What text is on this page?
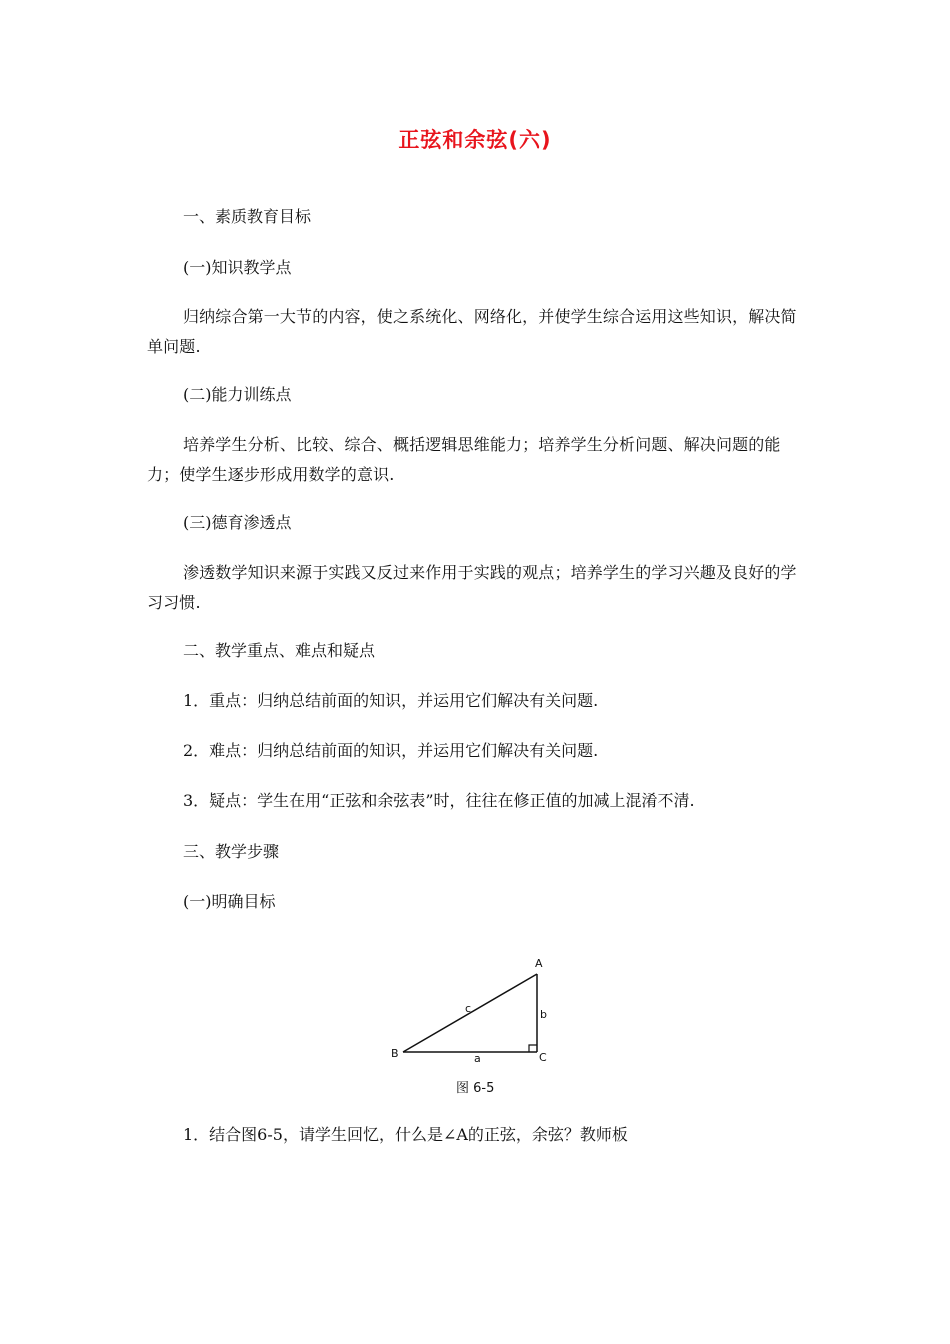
正弦和余弦(六)
一、素质教育目标
(一)知识教学点
归纳综合第一大节的内容，使之系统化、网络化，并使学生综合运用这些知识，解决简单问题.
(二)能力训练点
培养学生分析、比较、综合、概括逻辑思维能力；培养学生分析问题、解决问题的能力；使学生逐步形成用数学的意识.
(三)德育渗透点
渗透数学知识来源于实践又反过来作用于实践的观点；培养学生的学习兴趣及良好的学习习惯.
二、教学重点、难点和疑点
1．重点：归纳总结前面的知识，并运用它们解决有关问题.
2．难点：归纳总结前面的知识，并运用它们解决有关问题.
3．疑点：学生在用“正弦和余弦表”时，往往在修正值的加减上混淆不清.
三、教学步骤
(一)明确目标
A
B	C
a
b
c
图 6-5
1．结合图6-5，请学生回忆，什么是∠A的正弦，余弦？教师板
